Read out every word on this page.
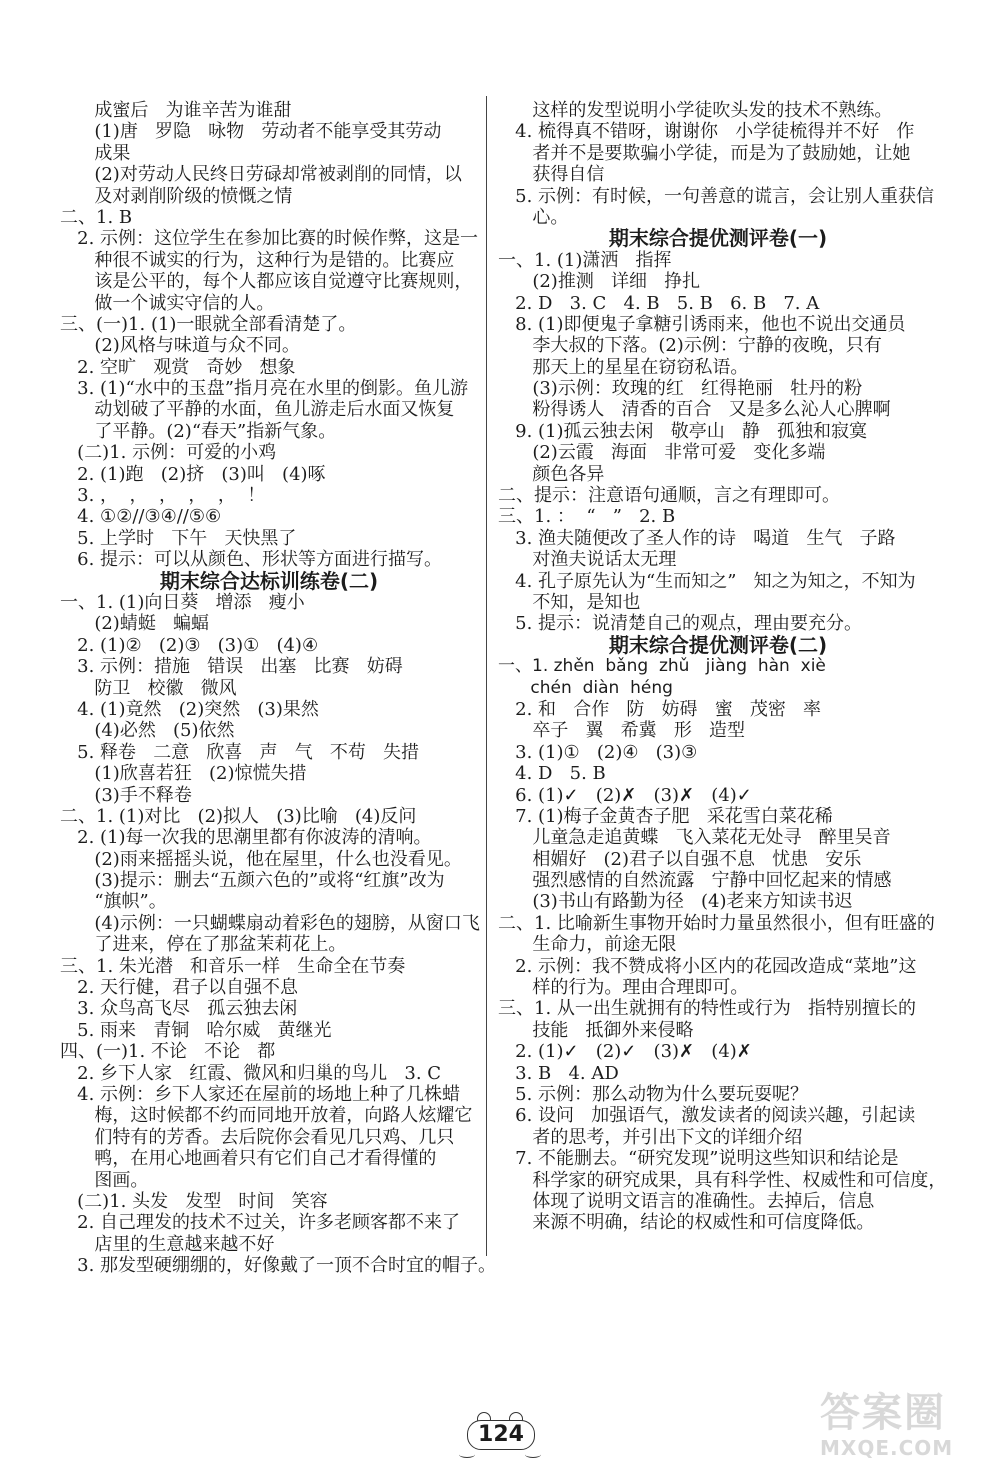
成蜜后   为谁辛苦为谁甜
(1)唐   罗隐   咏物   劳动者不能享受其劳动
成果
(2)对劳动人民终日劳碌却常被剥削的同情，以
及对剥削阶级的愤慨之情
二、1. B
2. 示例：这位学生在参加比赛的时候作弊，这是一
种很不诚实的行为，这种行为是错的。比赛应
该是公平的，每个人都应该自觉遵守比赛规则，
做一个诚实守信的人。
三、(一)1. (1)一眼就全部看清楚了。
(2)风格与味道与众不同。
2. 空旷   观赏   奇妙   想象
3. (1)“水中的玉盘”指月亮在水里的倒影。鱼儿游
动划破了平静的水面，鱼儿游走后水面又恢复
了平静。(2)“春天”指新气象。
(二)1. 示例：可爱的小鸡
2. (1)跑   (2)挤   (3)叫   (4)啄
3. ，  ，  ，  ，  ，  ！
4. ①②//③④//⑤⑥
5. 上学时   下午   天快黑了
6. 提示：可以从颜色、形状等方面进行描写。
期末综合达标训练卷(二)
一、1. (1)向日葵   增添   瘦小
(2)蜻蜓   蝙蝠
2. (1)②   (2)③   (3)①   (4)④
3. 示例：措施   错误   出塞   比赛   妨碍
防卫   校徽   微风
4. (1)竟然   (2)突然   (3)果然
(4)必然   (5)依然
5. 释卷   二意   欣喜   声   气   不苟   失措
(1)欣喜若狂   (2)惊慌失措
(3)手不释卷
二、1. (1)对比   (2)拟人   (3)比喻   (4)反问
2. (1)每一次我的思潮里都有你波涛的清响。
(2)雨来摇摇头说，他在屋里，什么也没看见。
(3)提示：删去“五颜六色的”或将“红旗”改为
“旗帜”。
(4)示例：一只蝴蝶扇动着彩色的翅膀，从窗口飞
了进来，停在了那盆茉莉花上。
三、1. 朱光潜   和音乐一样   生命全在节奏
2. 天行健，君子以自强不息
3. 众鸟高飞尽   孤云独去闲
5. 雨来   青铜   哈尔威   黄继光
四、(一)1. 不论   不论   都
2. 乡下人家   红霞、微风和归巢的鸟儿   3. C
4. 示例：乡下人家还在屋前的场地上种了几株蜡
梅，这时候都不约而同地开放着，向路人炫耀它
们特有的芳香。去后院你会看见几只鸡、几只
鸭，在用心地画着只有它们自己才看得懂的
图画。
(二)1. 头发   发型   时间   笑容
2. 自己理发的技术不过关，许多老顾客都不来了
店里的生意越来越不好
3. 那发型硬绷绷的，好像戴了一顶不合时宜的帽子。
这样的发型说明小学徒吹头发的技术不熟练。
4. 梳得真不错呀，谢谢你   小学徒梳得并不好   作
者并不是要欺骗小学徒，而是为了鼓励她，让她
获得自信
5. 示例：有时候，一句善意的谎言，会让别人重获信
心。
期末综合提优测评卷(一)
一、1. (1)潇洒   指挥
(2)推测   详细   挣扎
2. D   3. C   4. B   5. B   6. B   7. A
8. (1)即便鬼子拿糖引诱雨来，他也不说出交通员
李大叔的下落。(2)示例：宁静的夜晚，只有
那天上的星星在窃窃私语。
(3)示例：玫瑰的红   红得艳丽   牡丹的粉
粉得诱人   清香的百合   又是多么沁人心脾啊
9. (1)孤云独去闲   敬亭山   静   孤独和寂寞
(2)云霞   海面   非常可爱   变化多端
颜色各异
二、提示：注意语句通顺，言之有理即可。
三、1. ：  “   ”   2. B
3. 渔夫随便改了圣人作的诗   喝道   生气   子路
对渔夫说话太无理
4. 孔子原先认为“生而知之”   知之为知之，不知为
不知，是知也
5. 提示：说清楚自己的观点，理由要充分。
期末综合提优测评卷(二)
一、1. zhěn  bǎng  zhǔ   jiàng  hàn  xiè
chén  diàn  héng
2. 和   合作   防   妨碍   蜜   茂密   率
卒子   翼   希冀   形   造型
3. (1)①   (2)④   (3)③
4. D   5. B
6. (1)✓   (2)✗   (3)✗   (4)✓
7. (1)梅子金黄杏子肥   采花雪白菜花稀
儿童急走追黄蝶   飞入菜花无处寻   醉里吴音
相媚好   (2)君子以自强不息   忧患   安乐
强烈感情的自然流露   宁静中回忆起来的情感
(3)书山有路勤为径   (4)老来方知读书迟
二、1. 比喻新生事物开始时力量虽然很小，但有旺盛的
生命力，前途无限
2. 示例：我不赞成将小区内的花园改造成“菜地”这
样的行为。理由合理即可。
三、1. 从一出生就拥有的特性或行为   指特别擅长的
技能   抵御外来侵略
2. (1)✓   (2)✓   (3)✗   (4)✗
3. B   4. AD
5. 示例：那么动物为什么要玩耍呢？
6. 设问   加强语气，激发读者的阅读兴趣，引起读
者的思考，并引出下文的详细介绍
7. 不能删去。“研究发现”说明这些知识和结论是
科学家的研究成果，具有科学性、权威性和可信度，
体现了说明文语言的准确性。去掉后，信息
来源不明确，结论的权威性和可信度降低。
124	答案圈
MXQE.COM
